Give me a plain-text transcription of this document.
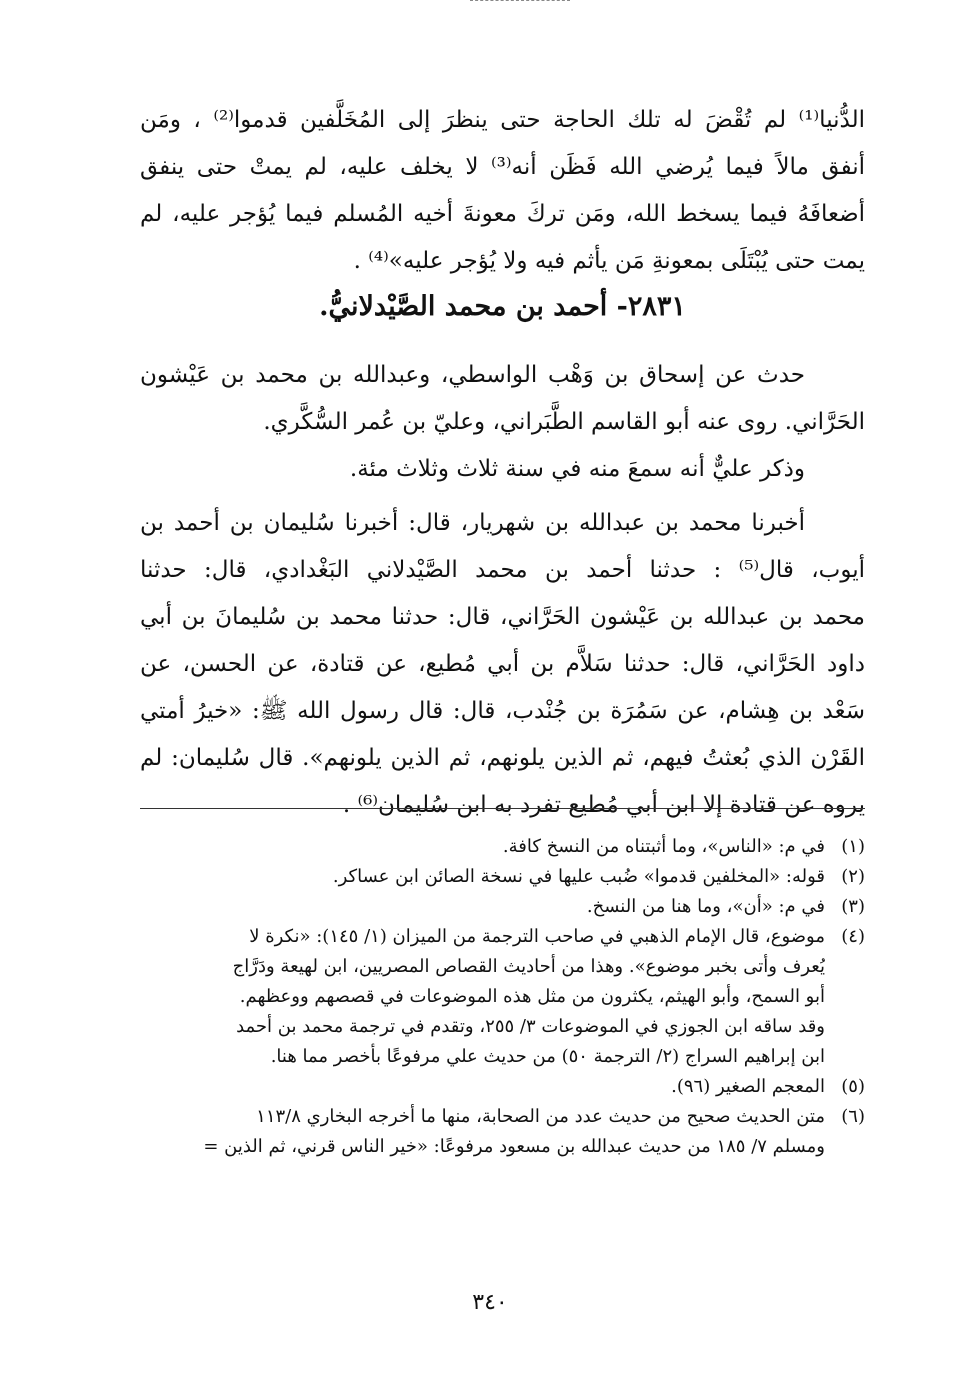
الدُّنيا⁽¹⁾ لم تُقْضَ له تلك الحاجة حتى ينظرَ إلى المُخَلَّفين قدموا⁽²⁾ ، ومَن
أنفق مالاً فيما يُرضي الله فَظَن أنه⁽³⁾ لا يخلف عليه، لم يمتْ حتى ينفق
أضعافَهُ فيما يسخط الله، ومَن تركَ معونةَ أخيه المُسلم فيما يُؤجر عليه، لم
يمت حتى يُبْتَلَى بمعونةِ مَن يأثم فيه ولا يُؤجر عليه»⁽⁴⁾ .
٢٨٣١- أحمد بن محمد الصَّيْدلانيُّ.
حدث عن إسحاق بن وَهْب الواسطي، وعبدالله بن محمد بن عَيْشون
الحَرَّاني. روى عنه أبو القاسم الطَّبَراني، وعليّ بن عُمر السُّكَّري.
وذكر عليٌّ أنه سمعَ منه في سنة ثلاث وثلاث مئة.
أخبرنا محمد بن عبدالله بن شهريار، قال: أخبرنا سُليمان بن أحمد بن
أيوب، قال⁽⁵⁾ : حدثنا أحمد بن محمد الصَّيْدلاني البَغْدادي، قال: حدثنا
محمد بن عبدالله بن عَيْشون الحَرَّاني، قال: حدثنا محمد بن سُليمانَ بن أبي
داود الحَرَّاني، قال: حدثنا سَلاَّم بن أبي مُطيع، عن قتادة، عن الحسن، عن
سَعْد بن هِشام، عن سَمُرَة بن جُنْدب، قال: قال رسول الله ﷺ: «خيرُ أمتي
القَرْن الذي بُعثتُ فيهم، ثم الذين يلونهم، ثم الذين يلونهم». قال سُليمان: لم
يروه عن قتادة إلا ابن أبي مُطيع تفرد به ابن سُليمان⁽⁶⁾ .
(١)
في م: «الناس»، وما أثبتناه من النسخ كافة.
(٢)
قوله: «المخلفين قدموا» ضُبب عليها في نسخة الصائن ابن عساكر.
(٣)
في م: «أن»، وما هنا من النسخ.
(٤)
موضوع، قال الإمام الذهبي في صاحب الترجمة من الميزان (١/ ١٤٥): «نكرة لا
يُعرف وأتى بخبر موضوع». وهذا من أحاديث القصاص المصريين، ابن لهيعة ودَرَّاج
أبو السمح، وأبو الهيثم، يكثرون من مثل هذه الموضوعات في قصصهم ووعظهم.
وقد ساقه ابن الجوزي في الموضوعات ٣/ ٢٥٥، وتقدم في ترجمة محمد بن أحمد
ابن إبراهيم السراج (٢/ الترجمة ٥٠) من حديث علي مرفوعًا بأخصر مما هنا.
(٥)
المعجم الصغير (٩٦).
(٦)
متن الحديث صحيح من حديث عدد من الصحابة، منها ما أخرجه البخاري ١١٣/٨
ومسلم ٧/ ١٨٥ من حديث عبدالله بن مسعود مرفوعًا: «خير الناس قرني، ثم الذين =
٣٤٠
